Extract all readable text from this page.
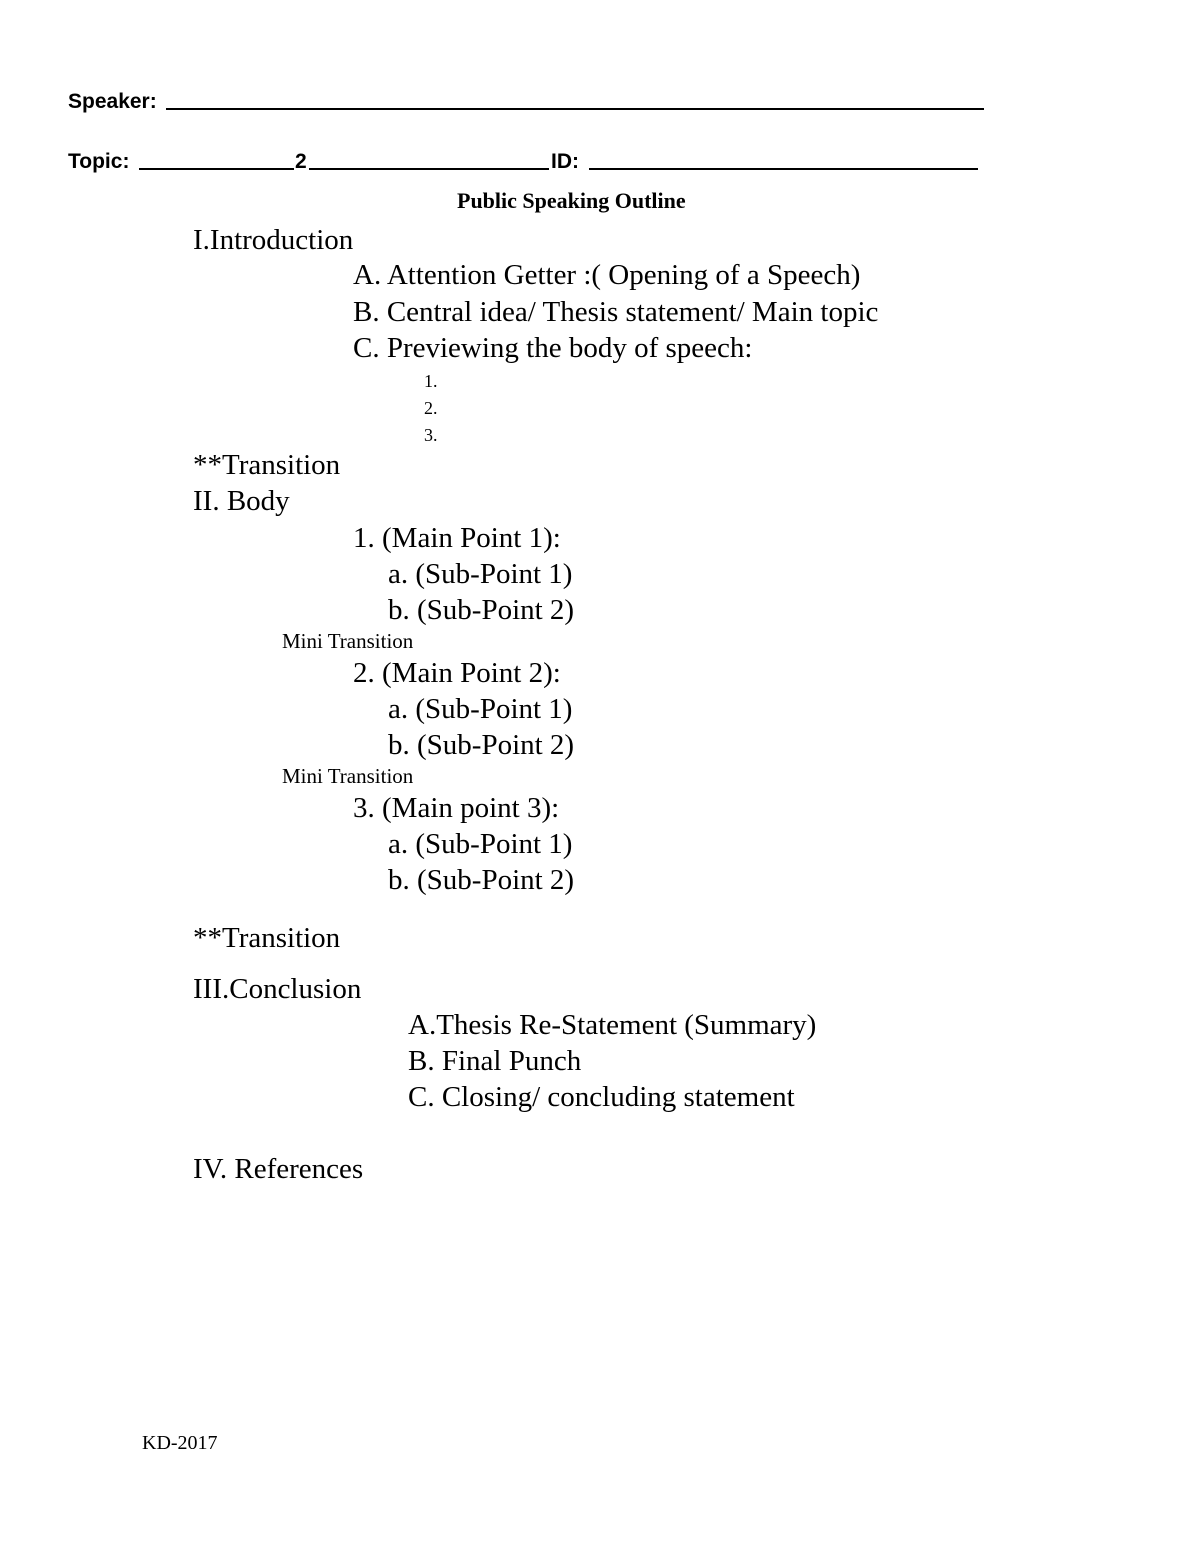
Speaker:
Topic:	2	ID:
Public Speaking Outline
I.Introduction
A. Attention Getter :( Opening of a Speech)
B. Central idea/ Thesis statement/ Main topic
C. Previewing the body of speech:
1.
2.
3.
**Transition
II. Body
1. (Main Point 1):
a. (Sub-Point 1)
b. (Sub-Point 2)
Mini Transition
2. (Main Point 2):
a. (Sub-Point 1)
b. (Sub-Point 2)
Mini Transition
3. (Main point 3):
a. (Sub-Point 1)
b. (Sub-Point 2)
**Transition
III.Conclusion
A.Thesis Re-Statement (Summary)
B. Final Punch
C. Closing/ concluding statement
IV. References
KD-2017
